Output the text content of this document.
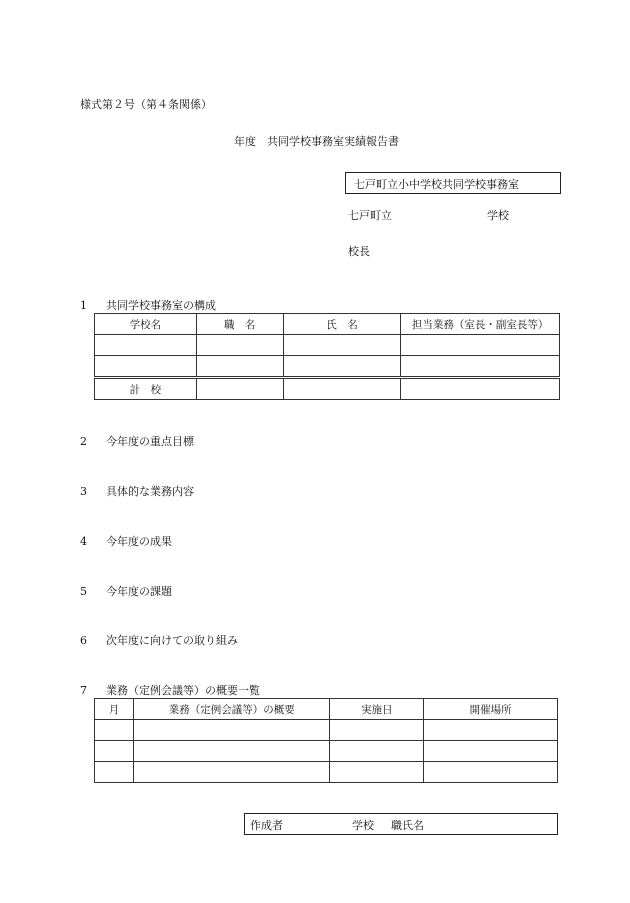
様式第２号（第４条関係）
年度　共同学校事務室実績報告書
七戸町立小中学校共同学校事務室
七戸町立	学校
校長
1 共同学校事務室の構成
学校名	職　名	氏　名	担当業務（室長・副室長等）

計　校			
2 今年度の重点目標
3 具体的な業務内容
4 今年度の成果
5 今年度の課題
6 次年度に向けての取り組み
7 業務（定例会議等）の概要一覧
月	業務（定例会議等）の概要	実施日	開催場所

作成者	学校 職氏名
